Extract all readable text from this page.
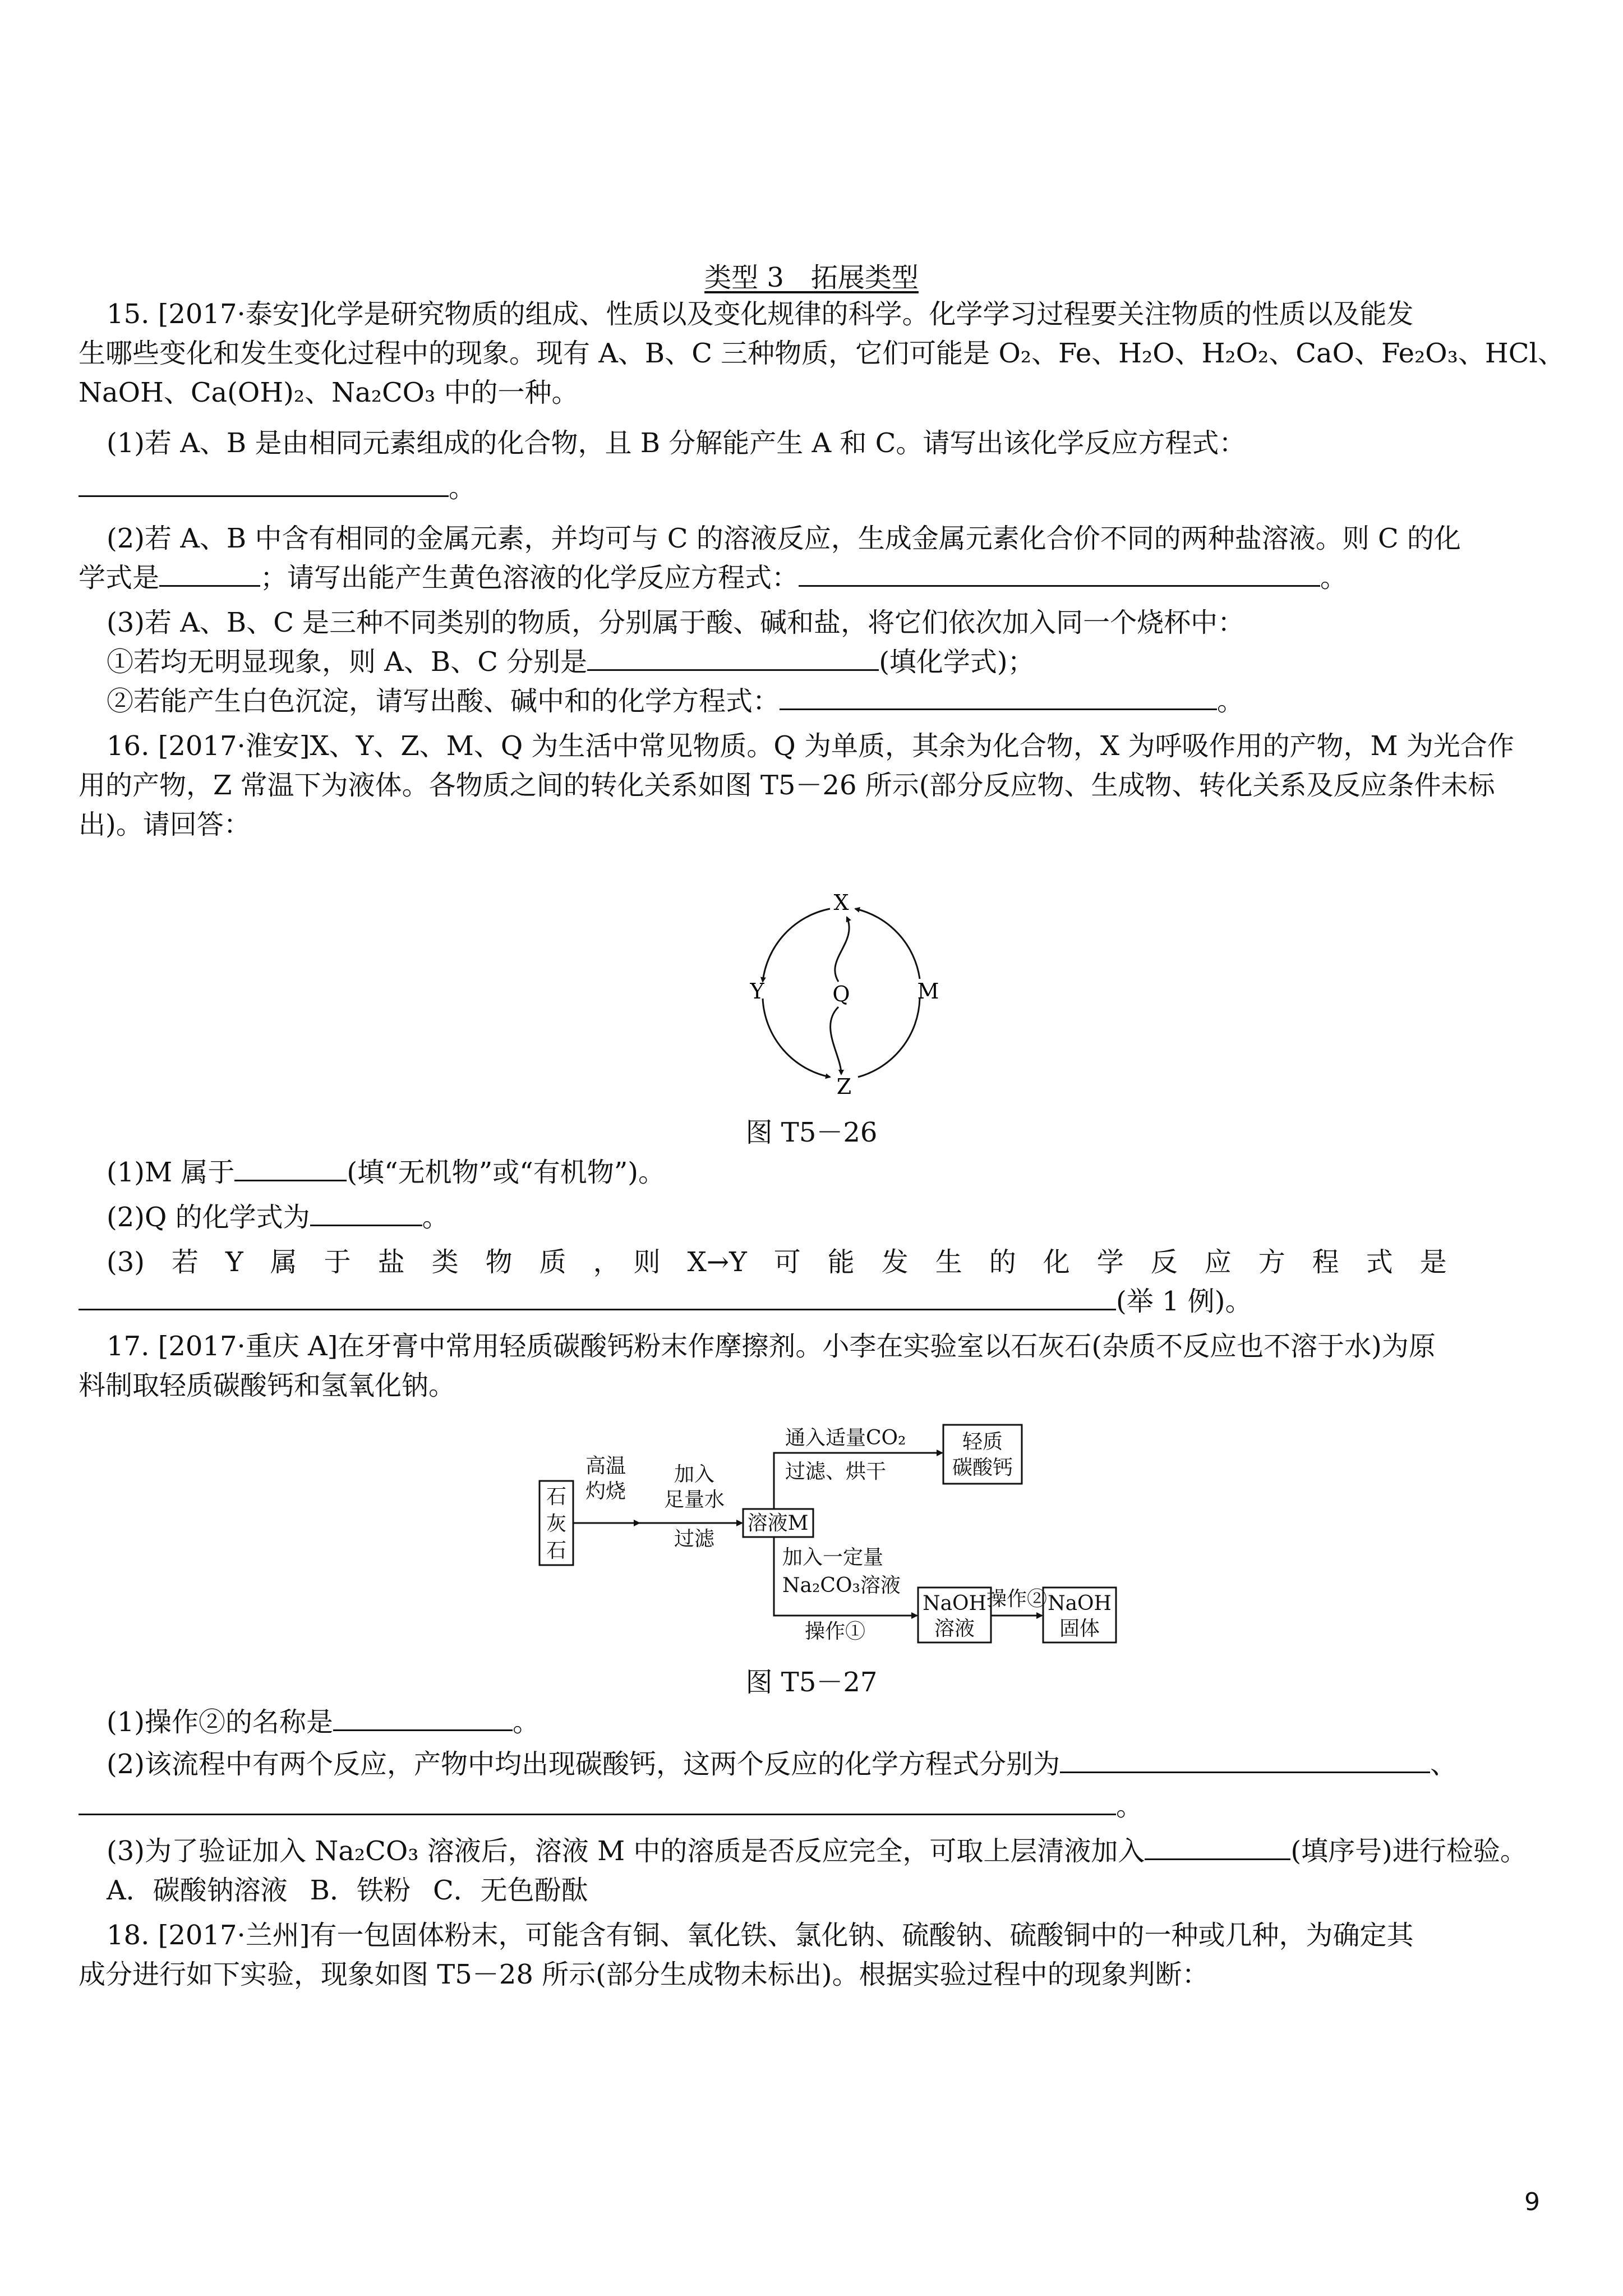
类型 3　拓展类型
15. [2017·泰安]化学是研究物质的组成、性质以及变化规律的科学。化学学习过程要关注物质的性质以及能发
生哪些变化和发生变化过程中的现象。现有 A、B、C 三种物质，它们可能是 O₂、Fe、H₂O、H₂O₂、CaO、Fe₂O₃、HCl、
NaOH、Ca(OH)₂、Na₂CO₃ 中的一种。
(1)若 A、B 是由相同元素组成的化合物，且 B 分解能产生 A 和 C。请写出该化学反应方程式：
。
(2)若 A、B 中含有相同的金属元素，并均可与 C 的溶液反应，生成金属元素化合价不同的两种盐溶液。则 C 的化
学式是	；请写出能产生黄色溶液的化学反应方程式：	。
(3)若 A、B、C 是三种不同类别的物质，分别属于酸、碱和盐，将它们依次加入同一个烧杯中：
①若均无明显现象，则 A、B、C 分别是	(填化学式)；
②若能产生白色沉淀，请写出酸、碱中和的化学方程式：	。
16. [2017·淮安]X、Y、Z、M、Q 为生活中常见物质。Q 为单质，其余为化合物，X 为呼吸作用的产物，M 为光合作
用的产物，Z 常温下为液体。各物质之间的转化关系如图 T5－26 所示(部分反应物、生成物、转化关系及反应条件未标
出)。请回答：
X
Y	Q	M
Z
图 T5－26
(1)M 属于	(填“无机物”或“有机物”)。
(2)Q 的化学式为	。
(3)　若　Y　属　于　盐　类　物　质　，　则　X→Y　可　能　发　生　的　化　学　反　应　方　程　式　是
(举 1 例)。
17. [2017·重庆 A]在牙膏中常用轻质碳酸钙粉末作摩擦剂。小李在实验室以石灰石(杂质不反应也不溶于水)为原
料制取轻质碳酸钙和氢氧化钠。
石
灰
石
高温
灼烧
加入
足量水
过滤
溶液M
通入适量CO₂
过滤、烘干
轻质
碳酸钙
加入一定量
Na₂CO₃溶液
操作①
NaOH
溶液
操作② NaOH
固体
图 T5－27
(1)操作②的名称是	。
(2)该流程中有两个反应，产物中均出现碳酸钙，这两个反应的化学方程式分别为	、
。
(3)为了验证加入 Na₂CO₃ 溶液后，溶液 M 中的溶质是否反应完全，可取上层清液加入	(填序号)进行检验。
A．碳酸钠溶液 B．铁粉 C．无色酚酞
18. [2017·兰州]有一包固体粉末，可能含有铜、氧化铁、氯化钠、硫酸钠、硫酸铜中的一种或几种，为确定其
成分进行如下实验，现象如图 T5－28 所示(部分生成物未标出)。根据实验过程中的现象判断：
9
